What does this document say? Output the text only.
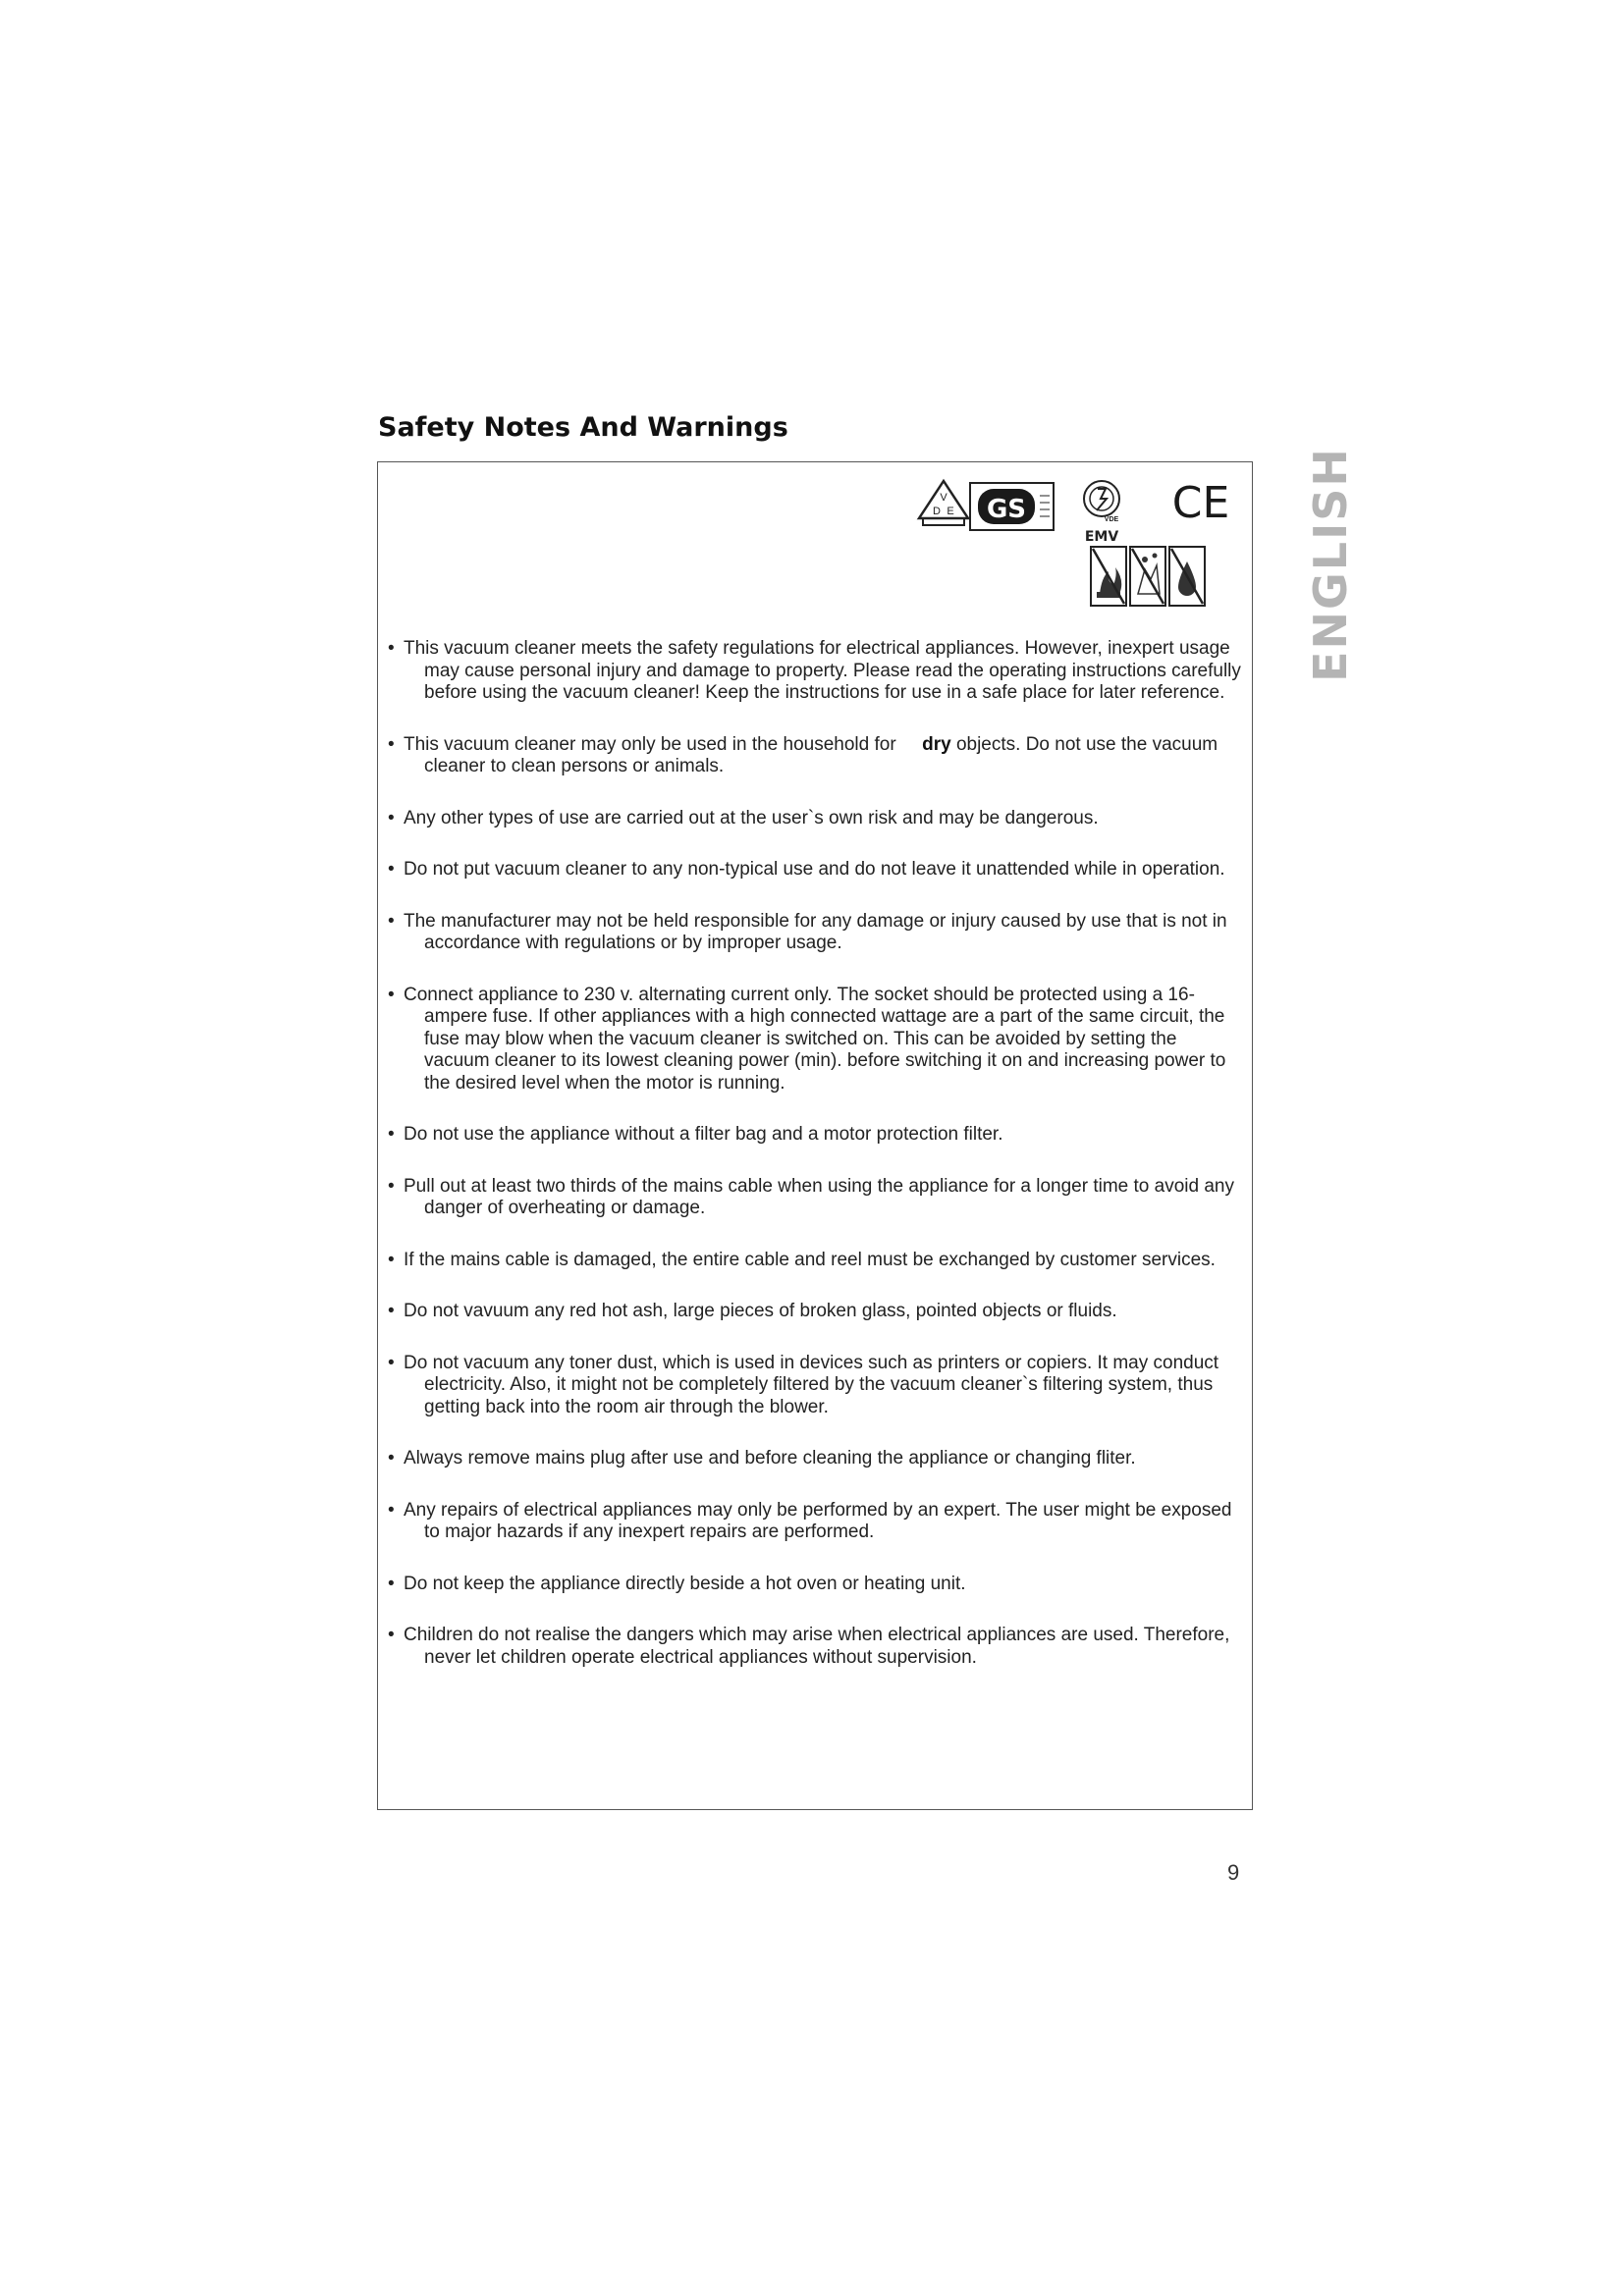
Safety Notes And Warnings
ENGLISH
V
D E GS	VDE
EMV
CE
• This vacuum cleaner meets the safety regulations for electrical appliances. However, inexpert usage may cause personal injury and damage to property. Please read the operating instructions carefully before using the vacuum cleaner! Keep the instructions for use in a safe place for later reference.
• This vacuum cleaner may only be used in the household for dry objects. Do not use the vacuum cleaner to clean persons or animals.
• Any other types of use are carried out at the user`s own risk and may be dangerous.
• Do not put vacuum cleaner to any non-typical use and do not leave it unattended while in operation.
• The manufacturer may not be held responsible for any damage or injury caused by use that is not in accordance with regulations or by improper usage.
• Connect appliance to 230 v. alternating current only. The socket should be protected using a 16-ampere fuse. If other appliances with a high connected wattage are a part of the same circuit, the fuse may blow when the vacuum cleaner is switched on. This can be avoided by setting the vacuum cleaner to its lowest cleaning power (min). before switching it on and increasing power to the desired level when the motor is running.
• Do not use the appliance without a filter bag and a motor protection filter.
• Pull out at least two thirds of the mains cable when using the appliance for a longer time to avoid any danger of overheating or damage.
• If the mains cable is damaged, the entire cable and reel must be exchanged by customer services.
• Do not vavuum any red hot ash, large pieces of broken glass, pointed objects or fluids.
• Do not vacuum any toner dust, which is used in devices such as printers or copiers. It may conduct electricity. Also, it might not be completely filtered by the vacuum cleaner`s filtering system, thus getting back into the room air through the blower.
• Always remove mains plug after use and before cleaning the appliance or changing fliter.
• Any repairs of electrical appliances may only be performed by an expert. The user might be exposed to major hazards if any inexpert repairs are performed.
• Do not keep the appliance directly beside a hot oven or heating unit.
• Children do not realise the dangers which may arise when electrical appliances are used. Therefore, never let children operate electrical appliances without supervision.
9
